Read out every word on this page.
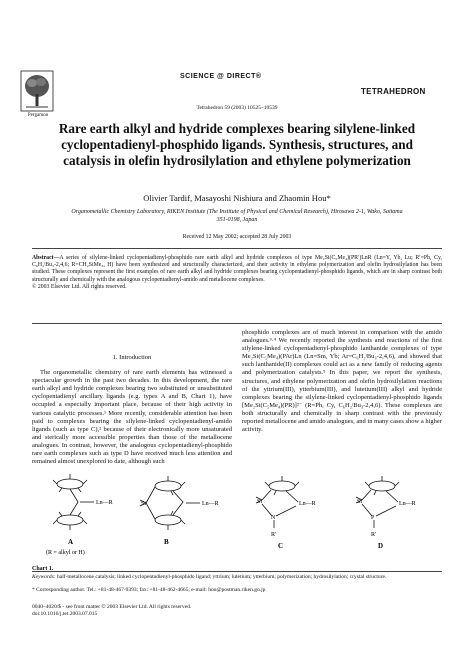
Pergamon
SCIENCE @ DIRECT®
TETRAHEDRON
Tetrahedron 59 (2003) 10525–10539
Rare earth alkyl and hydride complexes bearing silylene-linked
cyclopentadienyl-phosphido ligands. Synthesis, structures, and
catalysis in olefin hydrosilylation and ethylene polymerization
Olivier Tardif, Masayoshi Nishiura and Zhaomin Hou*
Organometallic Chemistry Laboratory, RIKEN Institute (The Institute of Physical and Chemical Research), Hirosawa 2-1, Wako, Saitama
351-0198, Japan
Received 12 May 2002; accepted 28 July 2003
Abstract—A series of silylene-linked cyclopentadienyl-phosphido rare earth alkyl and hydride complexes of type Me₂Si(C₅Me₄)(PR′)LnR (Ln=Y, Yb, Lu; R′=Ph, Cy, C₆H₂ᵗBu₃-2,4,6; R=CH₂SiMe₃, H) have been synthesized and structurally characterized, and their activity in ethylene polymerization and olefin hydrosilylation has been studied. These complexes represent the first examples of rare earth alkyl and hydride complexes bearing cyclopentadienyl-phosphido ligands, which are in sharp contrast both structurally and chemically with the analogous cyclopentadienyl-amido and metallocene complexes.
© 2003 Elsevier Ltd. All rights reserved.
1. Introduction
The organometallic chemistry of rare earth elements has witnessed a spectacular growth in the past two decades. In this development, the rare earth alkyl and hydride complexes bearing two substituted or unsubstituted cyclopentadienyl ancillary ligands (e.g. types A and B, Chart 1), have occupied a especially important place, because of their high activity in various catalytic processes.¹ More recently, considerable attention has been paid to complexes bearing the silylene-linked cyclopentadienyl-amido ligands (such as type C),² because of their electronically more unsaturated and sterically more accessible properties than those of the metallocene analogues. In contrast, however, the analogous cyclopentadienyl-phosphido rare earth complexes such as type D have received much less attention and remained almost unexplored to date, although such
phosphido complexes are of much interest in comparison with the amido analogues.³·⁴ We recently reported the synthesis and reactions of the first silylene-linked cyclopentadienyl-phosphido lanthanide complexes of type Me₂Si(C₅Me₄)(PAr)Ln (Ln=Sm, Yb; Ar=C₆H₂ᵗBu₃-2,4,6), and showed that such lanthanide(II) complexes could act as a new family of reducing agents and polymerization catalysts.⁵ In this paper, we report the synthesis, structures, and ethylene polymerization and olefin hydrosilylation reactions of the yttrium(III), ytterbium(III), and lutetium(III) alkyl and hydride complexes bearing the silylene-linked cyclopentadienyl-phosphido ligands [Me₂Si(C₅Me₄)(PR)]²⁻ (R=Ph, Cy, C₆H₂ᵗBu₃-2,4,6). These complexes are both structurally and chemically in sharp contrast with the previously reported metallocene and amido analogues, and in many cases show a higher activity.
Ln—R
A
(R = alkyl or H)
Si	Ln—R
B
Si	Ln—R
N
R′
C
Si	Ln—R
P
R′
D
Chart 1.
Keywords: half-metallocene catalysis; linked cyclopentadienyl-phosphido ligand; yttrium; lutetium; ytterbium; polymerization; hydrosilylation; crystal structure.
* Corresponding author. Tel.: +81-48-467-9393; fax: +81-48-462-4665; e-mail: hou@postman.riken.go.jp
0040–4020/$ - see front matter © 2003 Elsevier Ltd. All rights reserved.
doi:10.1016/j.tet.2003.07.015
